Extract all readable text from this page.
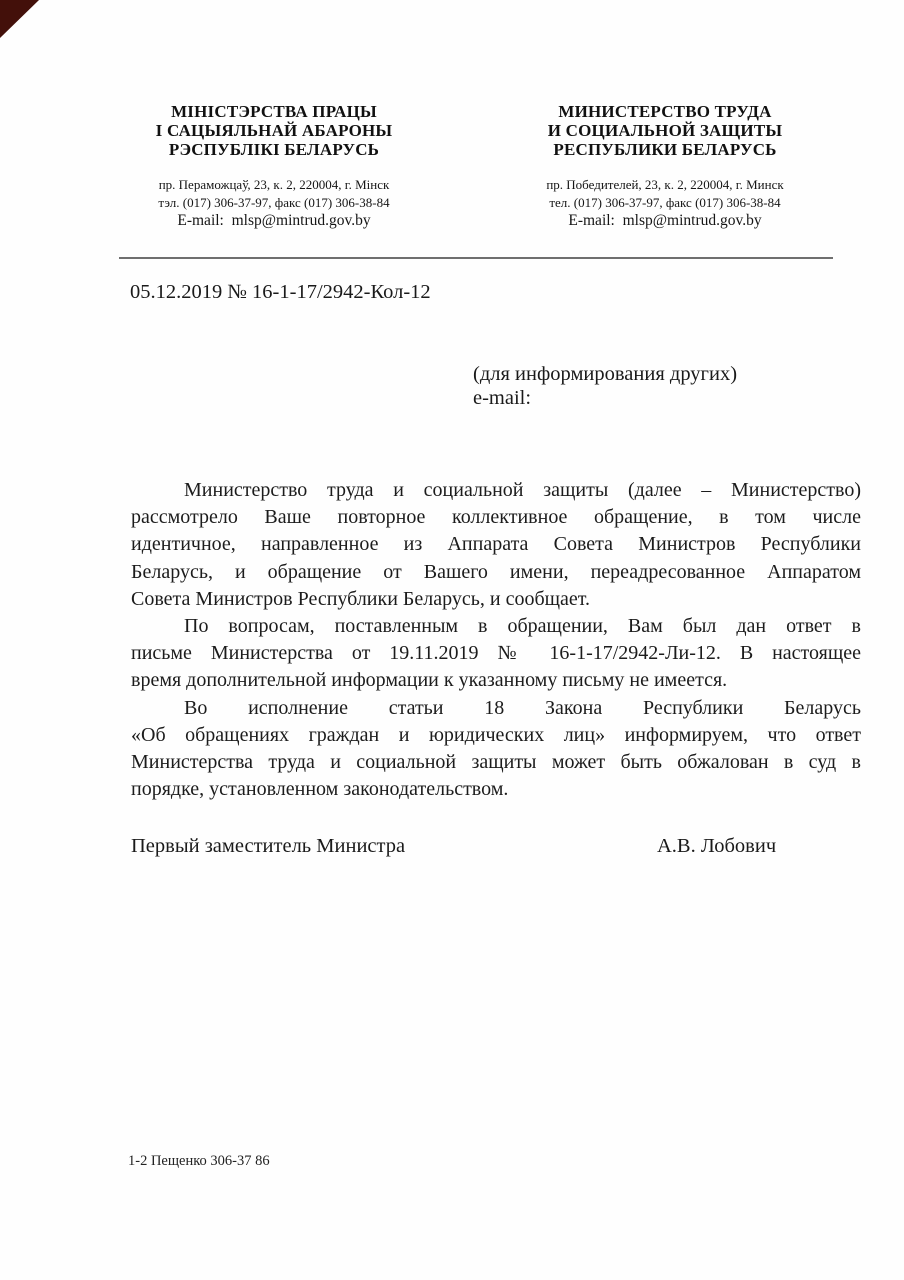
МІНІСТЭРСТВА ПРАЦЫ
І САЦЫЯЛЬНАЙ АБАРОНЫ
РЭСПУБЛІКІ БЕЛАРУСЬ
пр. Пераможцаў, 23, к. 2, 220004, г. Мінск
тэл. (017) 306-37-97, факс (017) 306-38-84
E-mail:  mlsp@mintrud.gov.by
МИНИСТЕРСТВО ТРУДА
И СОЦИАЛЬНОЙ ЗАЩИТЫ
РЕСПУБЛИКИ БЕЛАРУСЬ
пр. Победителей, 23, к. 2, 220004, г. Минск
тел. (017) 306-37-97, факс (017) 306-38-84
E-mail:  mlsp@mintrud.gov.by
05.12.2019 № 16-1-17/2942-Кол-12
(для информирования других)
e-mail:
Министерство труда и социальной защиты (далее – Министерство)
рассмотрело Ваше повторное коллективное обращение, в том числе
идентичное, направленное из Аппарата Совета Министров Республики
Беларусь, и обращение от Вашего имени, переадресованное Аппаратом
Совета Министров Республики Беларусь, и сообщает.
По вопросам, поставленным в обращении, Вам был дан ответ в
письме Министерства от 19.11.2019 № 16-1-17/2942-Ли-12. В настоящее
время дополнительной информации к указанному письму не имеется.
Во исполнение статьи 18 Закона Республики Беларусь
«Об обращениях граждан и юридических лиц» информируем, что ответ
Министерства труда и социальной защиты может быть обжалован в суд в
порядке, установленном законодательством.
Первый заместитель Министра	А.В. Лобович
1-2 Пещенко 306-37 86
